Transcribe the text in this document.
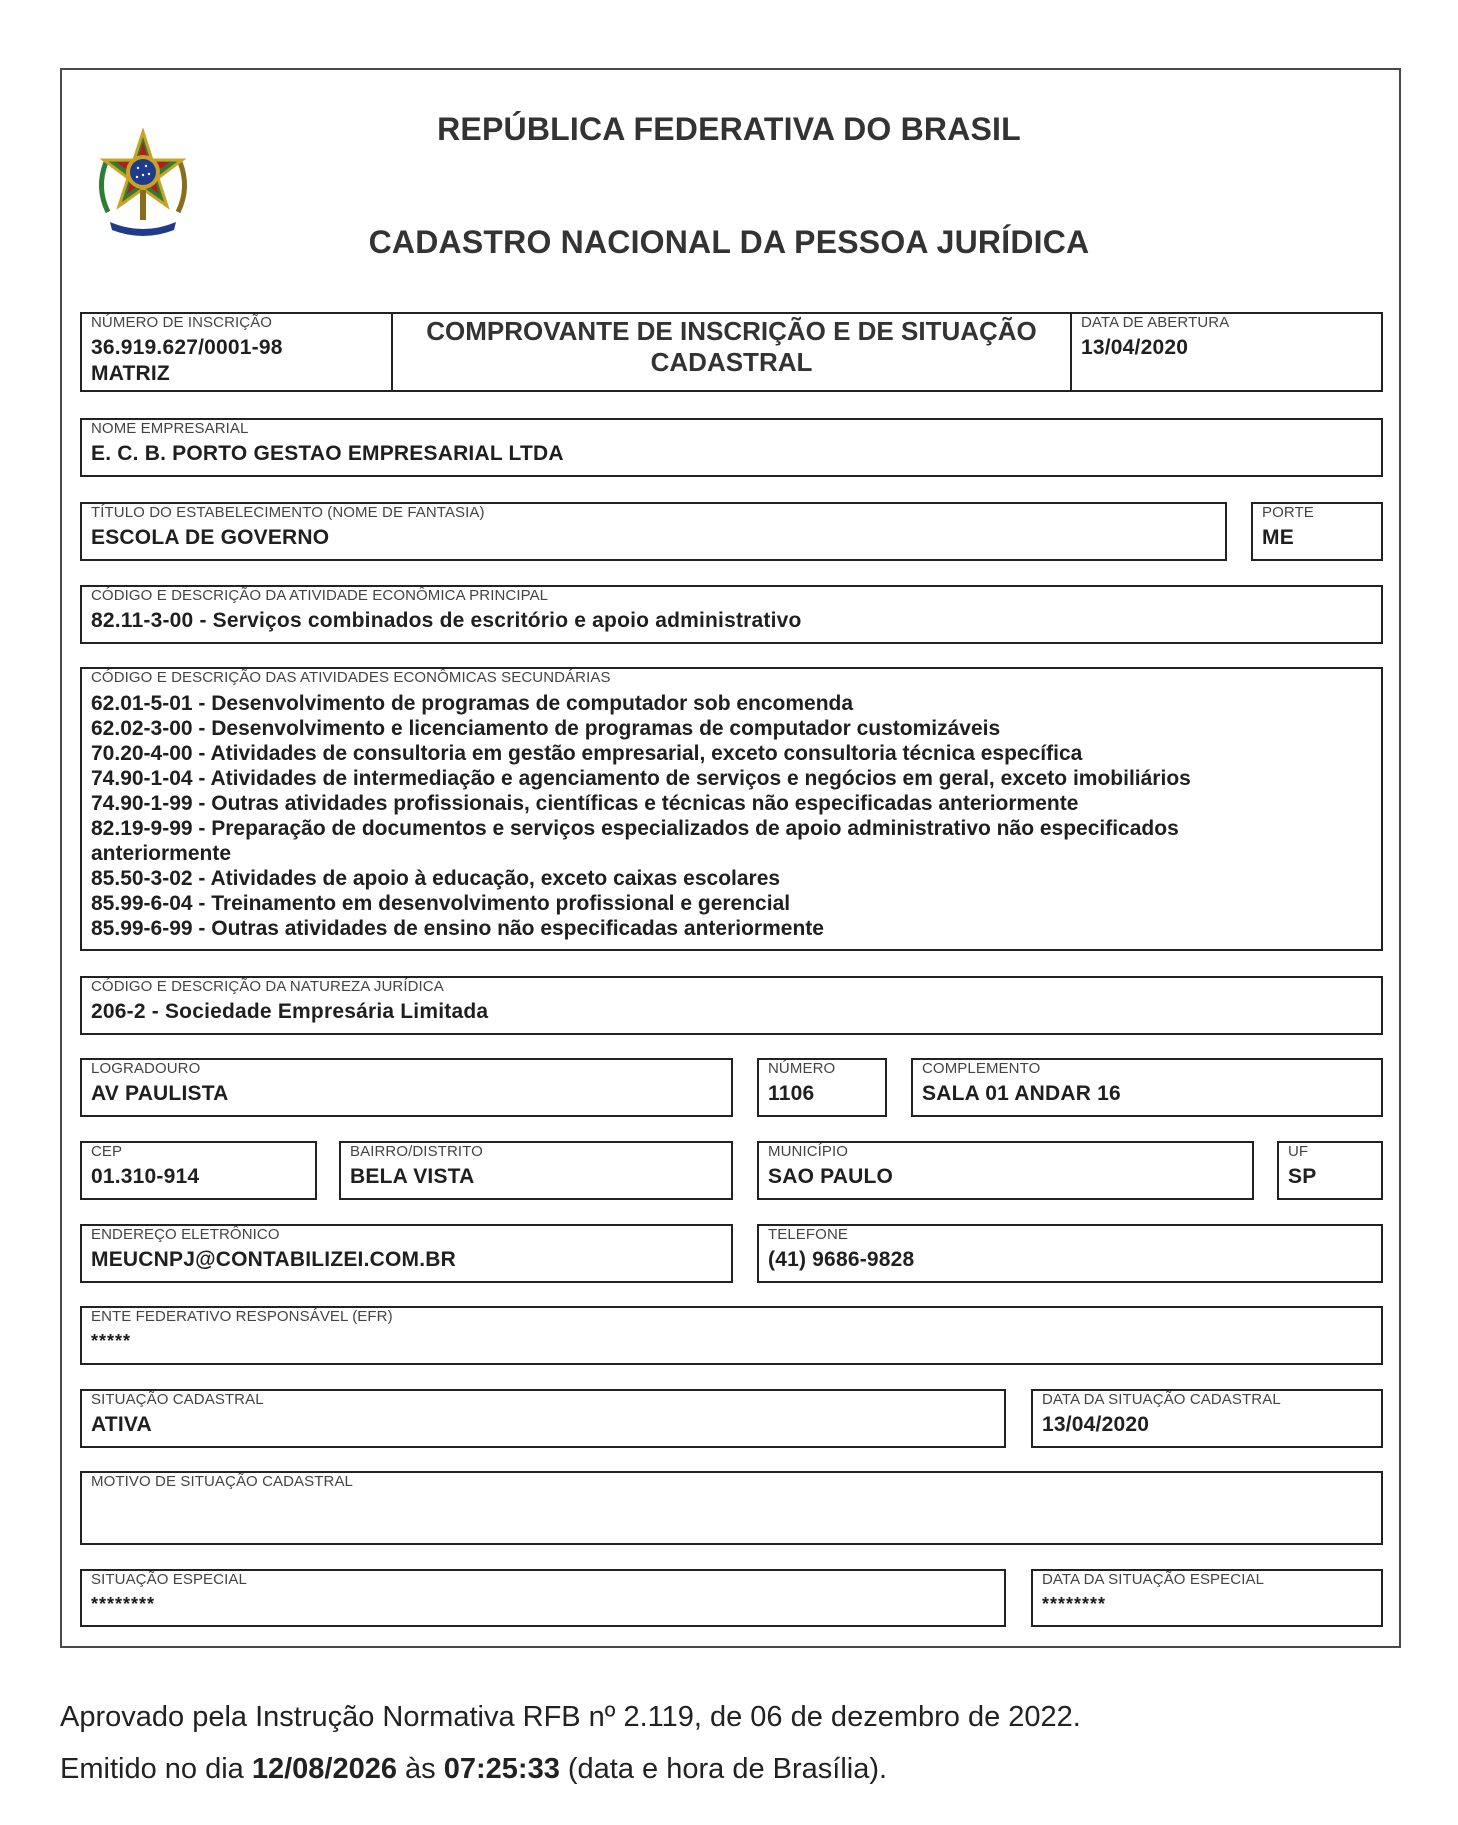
REPÚBLICA FEDERATIVA DO BRASIL
CADASTRO NACIONAL DA PESSOA JURÍDICA
NÚMERO DE INSCRIÇÃO
36.919.627/0001-98
MATRIZ
COMPROVANTE DE INSCRIÇÃO E DE SITUAÇÃO
CADASTRAL
DATA DE ABERTURA
13/04/2020
NOME EMPRESARIAL
E. C. B. PORTO GESTAO EMPRESARIAL LTDA
TÍTULO DO ESTABELECIMENTO (NOME DE FANTASIA)
ESCOLA DE GOVERNO
PORTE
ME
CÓDIGO E DESCRIÇÃO DA ATIVIDADE ECONÔMICA PRINCIPAL
82.11-3-00 - Serviços combinados de escritório e apoio administrativo
CÓDIGO E DESCRIÇÃO DAS ATIVIDADES ECONÔMICAS SECUNDÁRIAS
62.01-5-01 - Desenvolvimento de programas de computador sob encomenda
62.02-3-00 - Desenvolvimento e licenciamento de programas de computador customizáveis
70.20-4-00 - Atividades de consultoria em gestão empresarial, exceto consultoria técnica específica
74.90-1-04 - Atividades de intermediação e agenciamento de serviços e negócios em geral, exceto imobiliários
74.90-1-99 - Outras atividades profissionais, científicas e técnicas não especificadas anteriormente
82.19-9-99 - Preparação de documentos e serviços especializados de apoio administrativo não especificados
anteriormente
85.50-3-02 - Atividades de apoio à educação, exceto caixas escolares
85.99-6-04 - Treinamento em desenvolvimento profissional e gerencial
85.99-6-99 - Outras atividades de ensino não especificadas anteriormente
CÓDIGO E DESCRIÇÃO DA NATUREZA JURÍDICA
206-2 - Sociedade Empresária Limitada
LOGRADOURO
AV PAULISTA
NÚMERO
1106
COMPLEMENTO
SALA 01 ANDAR 16
CEP
01.310-914
BAIRRO/DISTRITO
BELA VISTA
MUNICÍPIO
SAO PAULO
UF
SP
ENDEREÇO ELETRÔNICO
MEUCNPJ@CONTABILIZEI.COM.BR
TELEFONE
(41) 9686-9828
ENTE FEDERATIVO RESPONSÁVEL (EFR)
*****
SITUAÇÃO CADASTRAL
ATIVA
DATA DA SITUAÇÃO CADASTRAL
13/04/2020
MOTIVO DE SITUAÇÃO CADASTRAL
SITUAÇÃO ESPECIAL
********
DATA DA SITUAÇÃO ESPECIAL
********
Aprovado pela Instrução Normativa RFB nº 2.119, de 06 de dezembro de 2022.
Emitido no dia 12/08/2026 às 07:25:33 (data e hora de Brasília).
